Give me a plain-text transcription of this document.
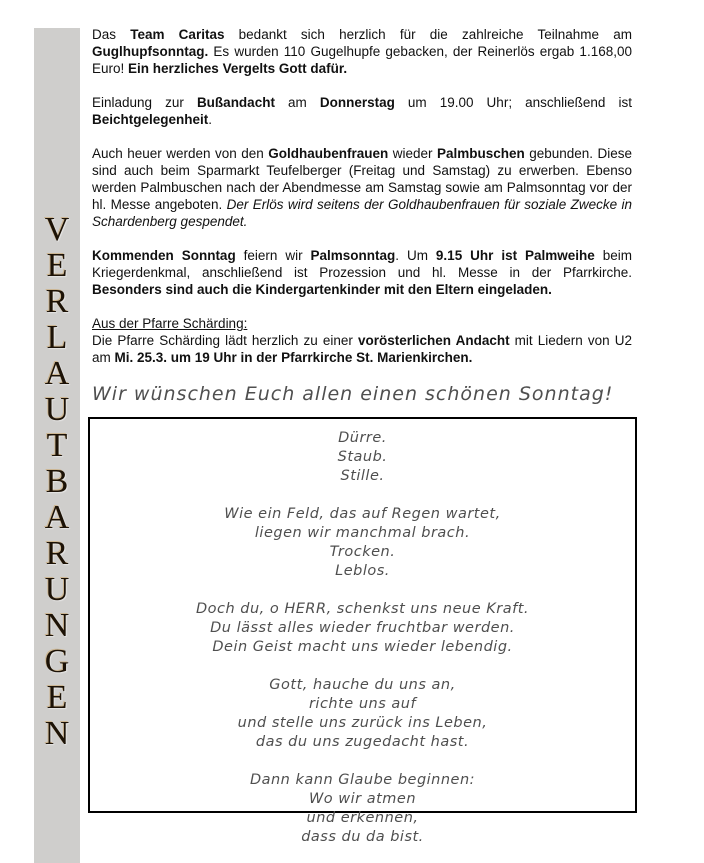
V
E
R
L
A
U
T
B
A
R
U
N
G
E
N

Das Team Caritas bedankt sich herzlich für die zahlreiche Teilnahme am Guglhupfsonntag. Es wurden 110 Gugelhupfe gebacken, der Reinerlös ergab 1.168,00 Euro! Ein herzliches Vergelts Gott dafür.

Einladung zur Bußandacht am Donnerstag um 19.00 Uhr; anschließend ist Beichtgelegenheit.

Auch heuer werden von den Goldhaubenfrauen wieder Palmbuschen gebunden. Diese sind auch beim Sparmarkt Teufelberger (Freitag und Samstag) zu erwerben. Ebenso werden Palmbuschen nach der Abendmesse am Samstag sowie am Palmsonntag vor der hl. Messe angeboten. Der Erlös wird seitens der Goldhaubenfrauen für soziale Zwecke in Schardenberg gespendet.

Kommenden Sonntag feiern wir Palmsonntag. Um 9.15 Uhr ist Palmweihe beim Kriegerdenkmal, anschließend ist Prozession und hl. Messe in der Pfarrkirche. Besonders sind auch die Kindergartenkinder mit den Eltern eingeladen.

Aus der Pfarre Schärding:
Die Pfarre Schärding lädt herzlich zu einer vorösterlichen Andacht mit Liedern von U2 am Mi. 25.3. um 19 Uhr in der Pfarrkirche St. Marienkirchen.

Wir wünschen Euch allen einen schönen Sonntag!
Dürre.
Staub.
Stille.
Wie ein Feld, das auf Regen wartet,
liegen wir manchmal brach.
Trocken.
Leblos.
Doch du, o HERR, schenkst uns neue Kraft.
Du lässt alles wieder fruchtbar werden.
Dein Geist macht uns wieder lebendig.
Gott, hauche du uns an,
richte uns auf
und stelle uns zurück ins Leben,
das du uns zugedacht hast.
Dann kann Glaube beginnen:
Wo wir atmen
und erkennen,
dass du da bist.
